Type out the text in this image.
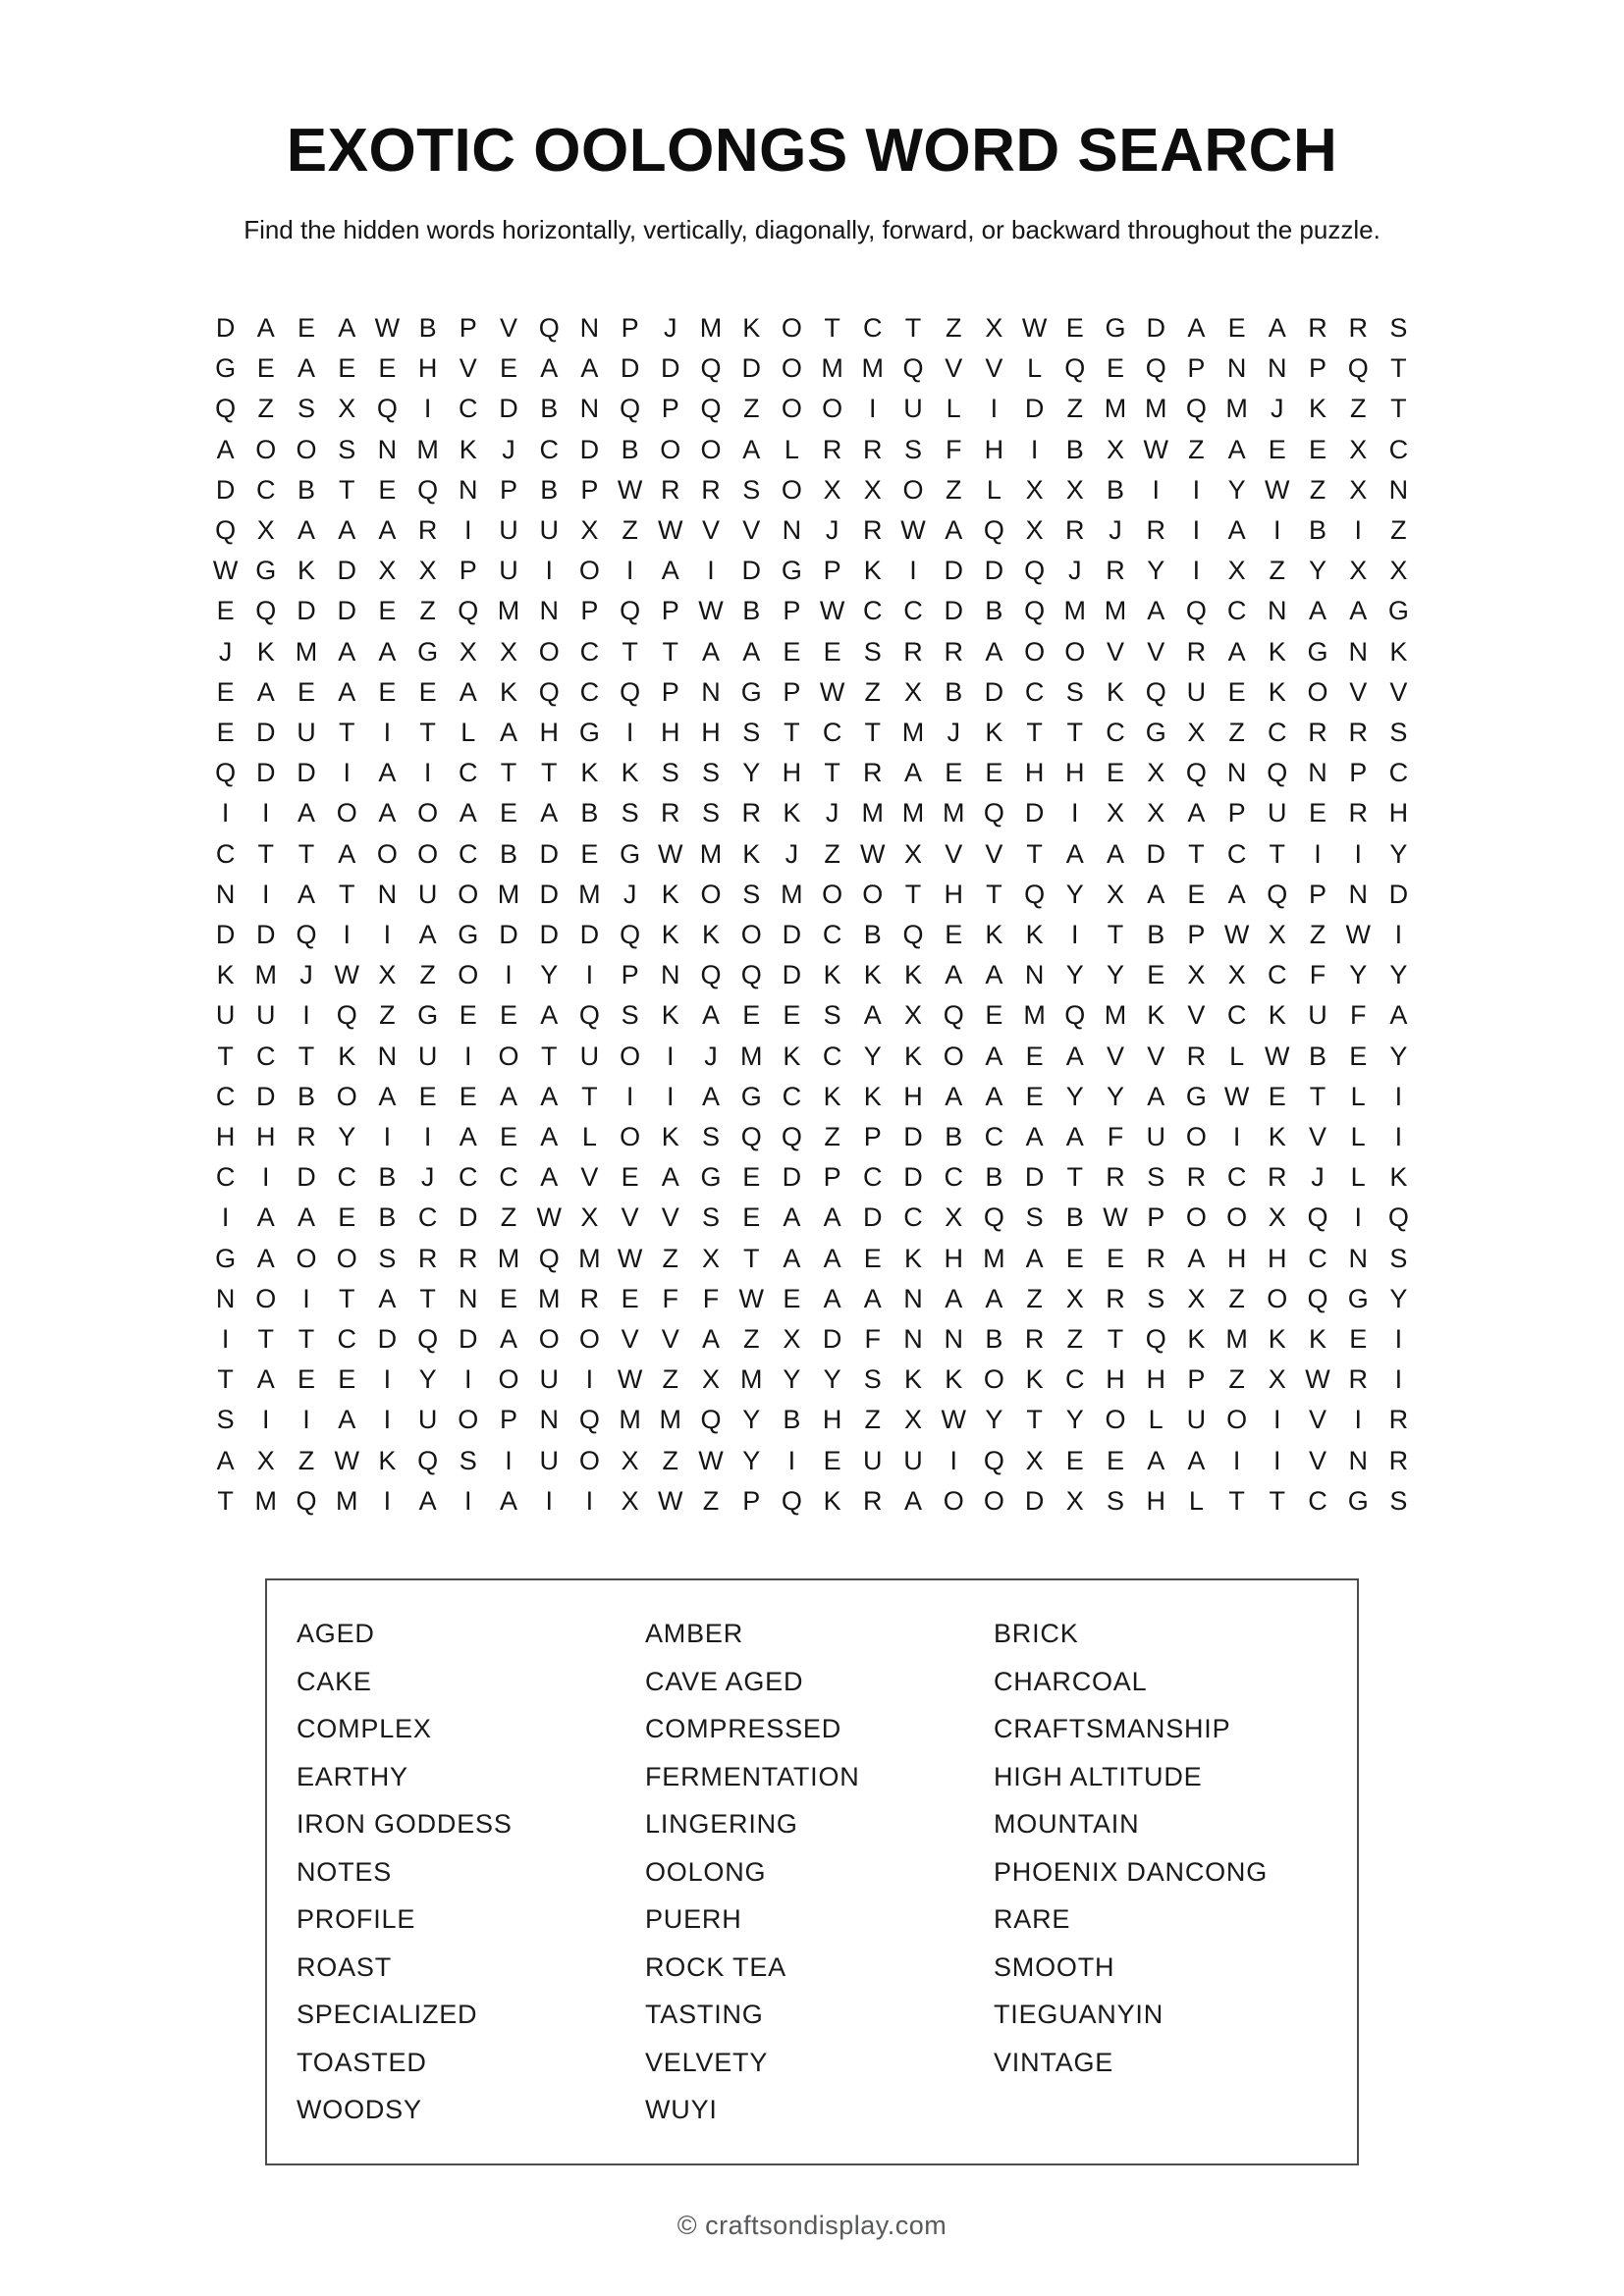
EXOTIC OOLONGS WORD SEARCH

Find the hidden words horizontally, vertically, diagonally, forward, or backward throughout the puzzle.

D A E A W B P V Q N P J M K O T C T Z X W E G D A E A R R S
G E A E E H V E A A D D Q D O M M Q V V L Q E Q P N N P Q T
Q Z S X Q I	C D B N Q P Q Z O O I	U L	I	D Z M M Q M J K Z T
A O O S N M K J C D B O O A L R R S F H	I	B X W Z A E E X C
D C B T E Q N P B P W R R S O X X O Z L X X B	I	I	Y W Z X N
Q X A A A R	I	U U X Z W V V N J R W A Q X R J R	I	A	I	B	I	Z
W G K D X X P U	I O I	A	I	D G P K	I	D D Q J R Y	I	X Z Y X X
E Q D D E Z Q M N P Q P W B P W C C D B Q M M A Q C N A A G
J K M A A G X X O C T T A A E E S R R A O O V V R A K G N K
E A E A E E A K Q C Q P N G P W Z X B D C S K Q U E K O V V
E D U T	I	T L A H G I	H H S T C T M J K T T C G X Z C R R S
Q D D	I	A	I	C T T K K S S Y H T R A E E H H E X Q N Q N P C
I	I	A O A O A E A B S R S R K J M M M Q D	I	X X A P U E R H
C T T A O O C B D E G W M K J Z W X V V T A A D T C T	I	I	Y
N	I	A T N U O M D M J K O S M O O T H T Q Y X A E A Q P N D
D D Q I	I	A G D D D Q K K O D C B Q E K K	I	T B P W X Z W I
K M J W X Z O I	Y	I	P N Q Q D K K K A A N Y Y E X X C F Y Y
U U	I Q Z G E E A Q S K A E E S A X Q E M Q M K V C K U F A
T C T K N U	I O T U O I	J M K C Y K O A E A V V R L W B E Y
C D B O A E E A A T	I	I	A G C K K H A A E Y Y A G W E T L	I
H H R Y	I	I	A E A L O K S Q Q Z P D B C A A F U O I	K V L	I
C	I	D C B J C C A V E A G E D P C D C B D T R S R C R J L K
I	A A E B C D Z W X V V S E A A D C X Q S B W P O O X Q I Q
G A O O S R R M Q M W Z X T A A E K H M A E E R A H H C N S
N O I	T A T N E M R E F F W E A A N A A Z X R S X Z O Q G Y
I	T T C D Q D A O O V V A Z X D F N N B R Z T Q K M K K E	I
T A E E	I	Y	I O U	I W Z X M Y Y S K K O K C H H P Z X W R	I
S	I	I	A	I	U O P N Q M M Q Y B H Z X W Y T Y O L U O I	V	I	R
A X Z W K Q S	I	U O X Z W Y	I	E U U	I Q X E E A A	I	I	V N R
T M Q M I	A	I	A	I	I	X W Z P Q K R A O O D X S H L T T C G S
AGED
CAKE
COMPLEX
EARTHY
IRON GODDESS
NOTES
PROFILE
ROAST
SPECIALIZED
TOASTED
WOODSY
AMBER
CAVE AGED
COMPRESSED
FERMENTATION
LINGERING
OOLONG
PUERH
ROCK TEA
TASTING
VELVETY
WUYI
BRICK
CHARCOAL
CRAFTSMANSHIP
HIGH ALTITUDE
MOUNTAIN
PHOENIX DANCONG
RARE
SMOOTH
TIEGUANYIN
VINTAGE
© craftsondisplay.com
